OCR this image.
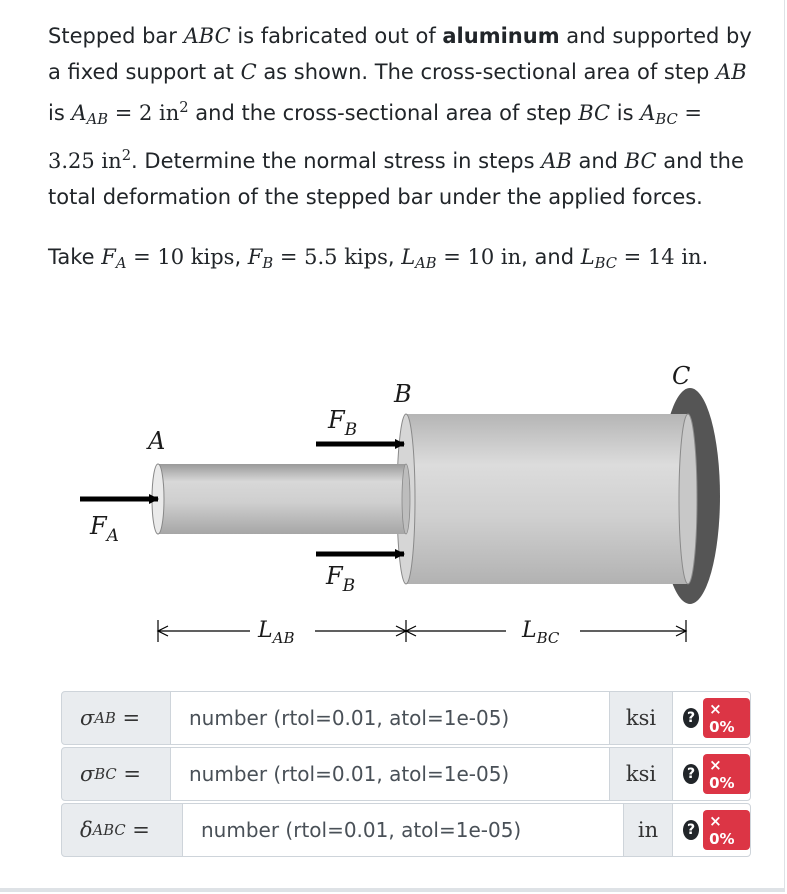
Stepped bar ABC is fabricated out of aluminum and supported by a fixed support at C as shown. The cross-sectional area of step AB is $A_{AB} = 2$ $in^2$ and the cross-sectional area of step BC is $A_{BC} = 3.25$ $in^2$. Determine the normal stress in steps AB and BC and the total deformation of the stepped bar under the applied forces.

Take $F_A = 10$ kips, $F_B = 5.5$ kips, $L_{AB} = 10$ in, and $L_{BC} = 14$ in.

A
B
C
$F_B$
$F_B$
$F_A$
$L_{AB}$	$L_{BC}$
σ AB
= number (rtol=0.01, atol=1e-05)	ksi ? × 0%
σ BC
= number (rtol=0.01, atol=1e-05)	ksi ? × 0%
δ ABC
=	number (rtol=0.01, atol=1e-05)	in ? × 0%
